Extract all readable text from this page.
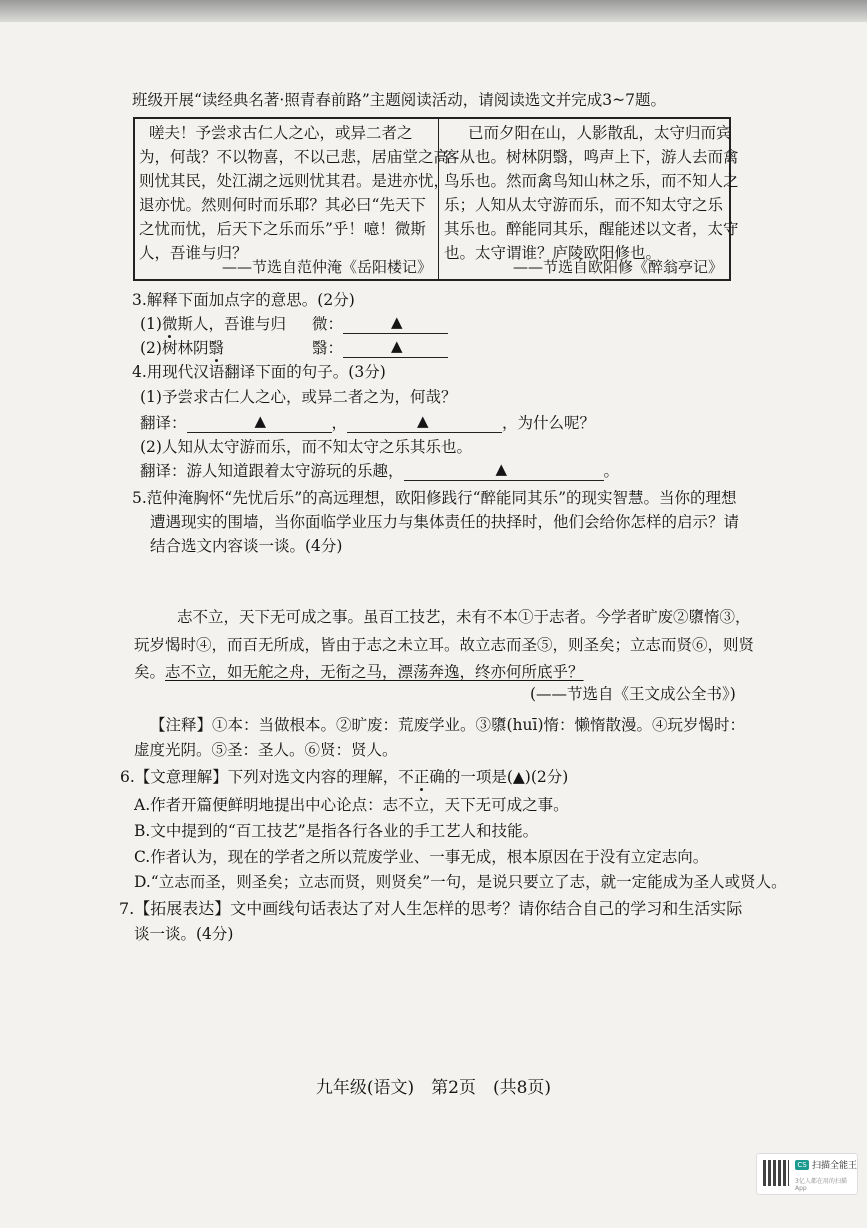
班级开展“读经典名著·照青春前路”主题阅读活动，请阅读选文并完成3~7题。
嗟夫！予尝求古仁人之心，或异二者之
为，何哉？不以物喜，不以己悲，居庙堂之高
则忧其民，处江湖之远则忧其君。是进亦忧，
退亦忧。然则何时而乐耶？其必曰“先天下
之忧而忧，后天下之乐而乐”乎！噫！微斯
人，吾谁与归？
——节选自范仲淹《岳阳楼记》
已而夕阳在山，人影散乱，太守归而宾
客从也。树林阴翳，鸣声上下，游人去而禽
鸟乐也。然而禽鸟知山林之乐，而不知人之
乐；人知从太守游而乐，而不知太守之乐
其乐也。醉能同其乐，醒能述以文者，太守
也。太守谓谁？庐陵欧阳修也。
——节选自欧阳修《醉翁亭记》
3.解释下面加点字的意思。(2分)
(1)微斯人，吾谁与归 微：	▲
(2)树林阴翳	翳：	▲
4.用现代汉语翻译下面的句子。(3分)
(1)予尝求古仁人之心，或异二者之为，何哉？
翻译：	▲	，	▲	，为什么呢？
(2)人知从太守游而乐，而不知太守之乐其乐也。
翻译：游人知道跟着太守游玩的乐趣，	▲	。
5.范仲淹胸怀“先忧后乐”的高远理想，欧阳修践行“醉能同其乐”的现实智慧。当你的理想
遭遇现实的围墙，当你面临学业压力与集体责任的抉择时，他们会给你怎样的启示？请
结合选文内容谈一谈。(4分)
志不立，天下无可成之事。虽百工技艺，未有不本①于志者。今学者旷废②隳惰③，
玩岁愒时④，而百无所成，皆由于志之未立耳。故立志而圣⑤，则圣矣；立志而贤⑥，则贤
矣。志不立，如无舵之舟，无衔之马，漂荡奔逸，终亦何所底乎？
(——节选自《王文成公全书》)
【注释】①本：当做根本。②旷废：荒废学业。③隳(huī)惰：懒惰散漫。④玩岁愒时：
虚度光阴。⑤圣：圣人。⑥贤：贤人。
6.【文意理解】下列对选文内容的理解，不正确的一项是(▲)(2分)
A.作者开篇便鲜明地提出中心论点：志不立，天下无可成之事。
B.文中提到的“百工技艺”是指各行各业的手工艺人和技能。
C.作者认为，现在的学者之所以荒废学业、一事无成，根本原因在于没有立定志向。
D.“立志而圣，则圣矣；立志而贤，则贤矣”一句，是说只要立了志，就一定能成为圣人或贤人。
7.【拓展表达】文中画线句话表达了对人生怎样的思考？请你结合自己的学习和生活实际
谈一谈。(4分)
九年级(语文)　第2页　(共8页)
CS 扫描全能王
3亿人都在用的扫描App
